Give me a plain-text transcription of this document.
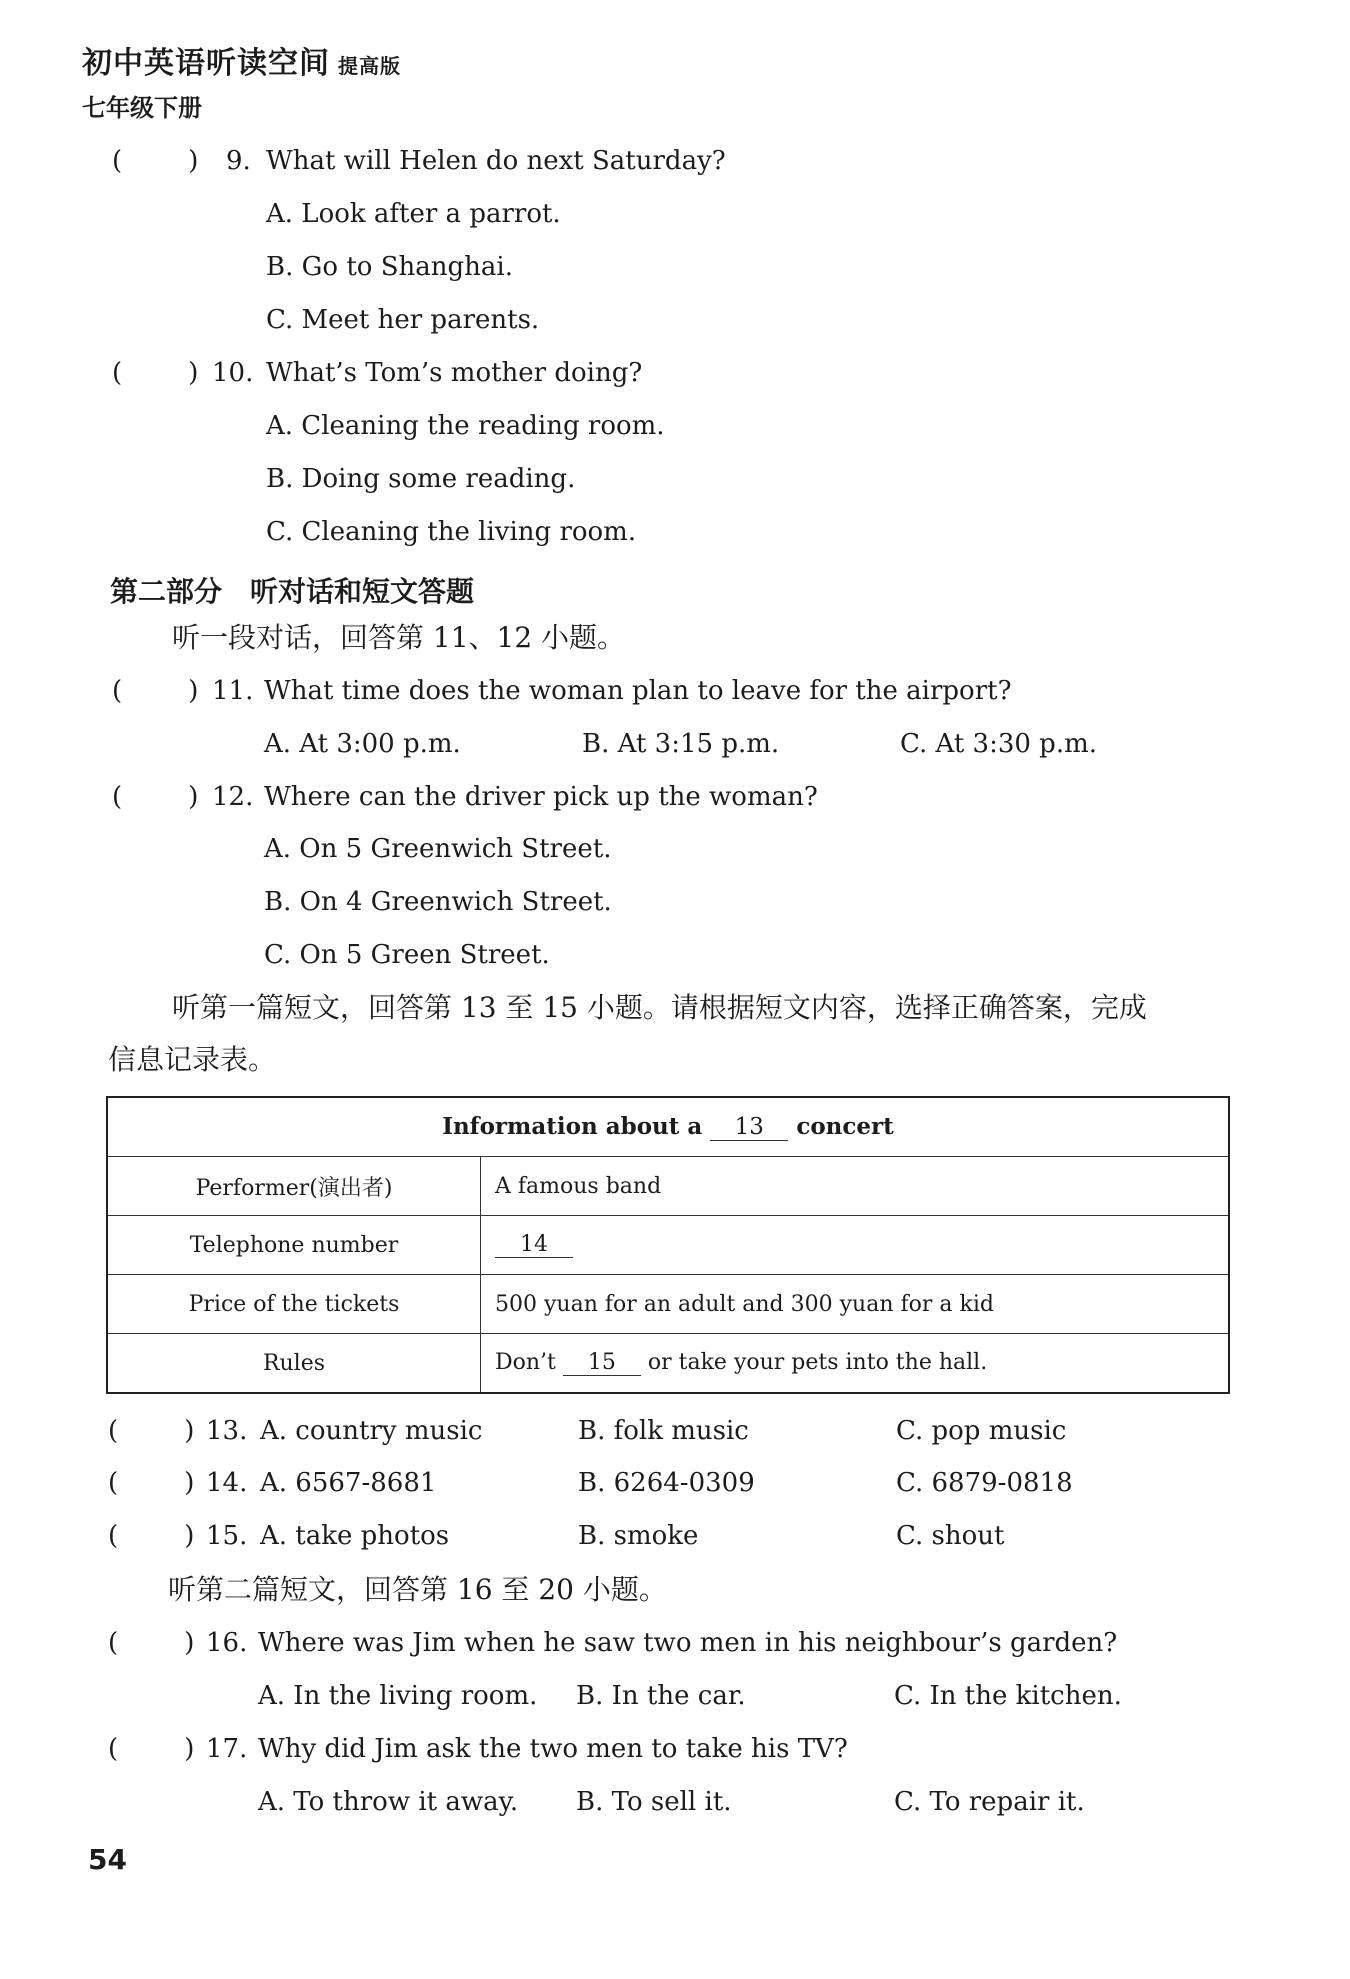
初中英语听读空间 提高版
七年级下册
(        ) 9. What will Helen do next Saturday?
A. Look after a parrot.
B. Go to Shanghai.
C. Meet her parents.
(        ) 10. What’s Tom’s mother doing?
A. Cleaning the reading room.
B. Doing some reading.
C. Cleaning the living room.
第二部分　听对话和短文答题
听一段对话，回答第 11、12 小题。
(        ) 11. What time does the woman plan to leave for the airport?
A. At 3:00 p.m.	B. At 3:15 p.m.	C. At 3:30 p.m.
(        ) 12. Where can the driver pick up the woman?
A. On 5 Greenwich Street.
B. On 4 Greenwich Street.
C. On 5 Green Street.
听第一篇短文，回答第 13 至 15 小题。请根据短文内容，选择正确答案，完成
信息记录表。
Information about a 13 concert	
Performer(演出者)	A famous band
Telephone number	14
Price of the tickets	500 yuan for an adult and 300 yuan for a kid
Rules	Don’t 15 or take your pets into the hall.
(        ) 13. A. country music	B. folk music	C. pop music
(        ) 14. A. 6567-8681	B. 6264-0309	C. 6879-0818
(        ) 15. A. take photos	B. smoke	C. shout
听第二篇短文，回答第 16 至 20 小题。
(        ) 16. Where was Jim when he saw two men in his neighbour’s garden?
A. In the living room. B. In the car.	C. In the kitchen.
(        ) 17. Why did Jim ask the two men to take his TV?
A. To throw it away. B. To sell it.	C. To repair it.
54
